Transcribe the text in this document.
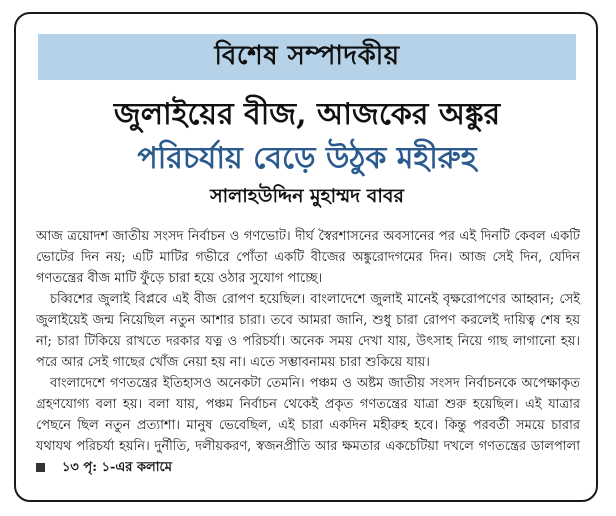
বিশেষ সম্পাদকীয়
জুলাইয়ের বীজ, আজকের অঙ্কুর
পরিচর্যায় বেড়ে উঠুক মহীরুহ
সালাহউদ্দিন মুহাম্মদ বাবর

আজ ত্রয়োদশ জাতীয় সংসদ নির্বাচন ও গণভোট। দীর্ঘ স্বৈরশাসনের অবসানের পর এই দিনটি কেবল একটি ভোটের দিন নয়; এটি মাটির গভীরে পোঁতা একটি বীজের অঙ্কুরোদগমের দিন। আজ সেই দিন, যেদিন গণতন্ত্রের বীজ মাটি ফুঁড়ে চারা হয়ে ওঠার সুযোগ পাচ্ছে।

চব্বিশের জুলাই বিপ্লবে এই বীজ রোপণ হয়েছিল। বাংলাদেশে জুলাই মানেই বৃক্ষরোপণের আহ্বান; সেই জুলাইয়েই জন্ম নিয়েছিল নতুন আশার চারা। তবে আমরা জানি, শুধু চারা রোপণ করলেই দায়িত্ব শেষ হয় না; চারা টিকিয়ে রাখতে দরকার যত্ন ও পরিচর্যা। অনেক সময় দেখা যায়, উৎসাহ নিয়ে গাছ লাগানো হয়। পরে আর সেই গাছের খোঁজ নেয়া হয় না। এতে সম্ভাবনাময় চারা শুকিয়ে যায়।

বাংলাদেশে গণতন্ত্রের ইতিহাসও অনেকটা তেমনি। পঞ্চম ও অষ্টম জাতীয় সংসদ নির্বাচনকে অপেক্ষাকৃত গ্রহণযোগ্য বলা হয়। বলা যায়, পঞ্চম নির্বাচন থেকেই প্রকৃত গণতন্ত্রের যাত্রা শুরু হয়েছিল। এই যাত্রার পেছনে ছিল নতুন প্রত্যাশা। মানুষ ভেবেছিল, এই চারা একদিন মহীরুহ হবে। কিন্তু পরবর্তী সময়ে চারার যথাযথ পরিচর্যা হয়নি। দুর্নীতি, দলীয়করণ, স্বজনপ্রীতি আর ক্ষমতার একচেটিয়া দখলে গণতন্ত্রের ডালপালা
১৩ পৃ: ১-এর কলামে
